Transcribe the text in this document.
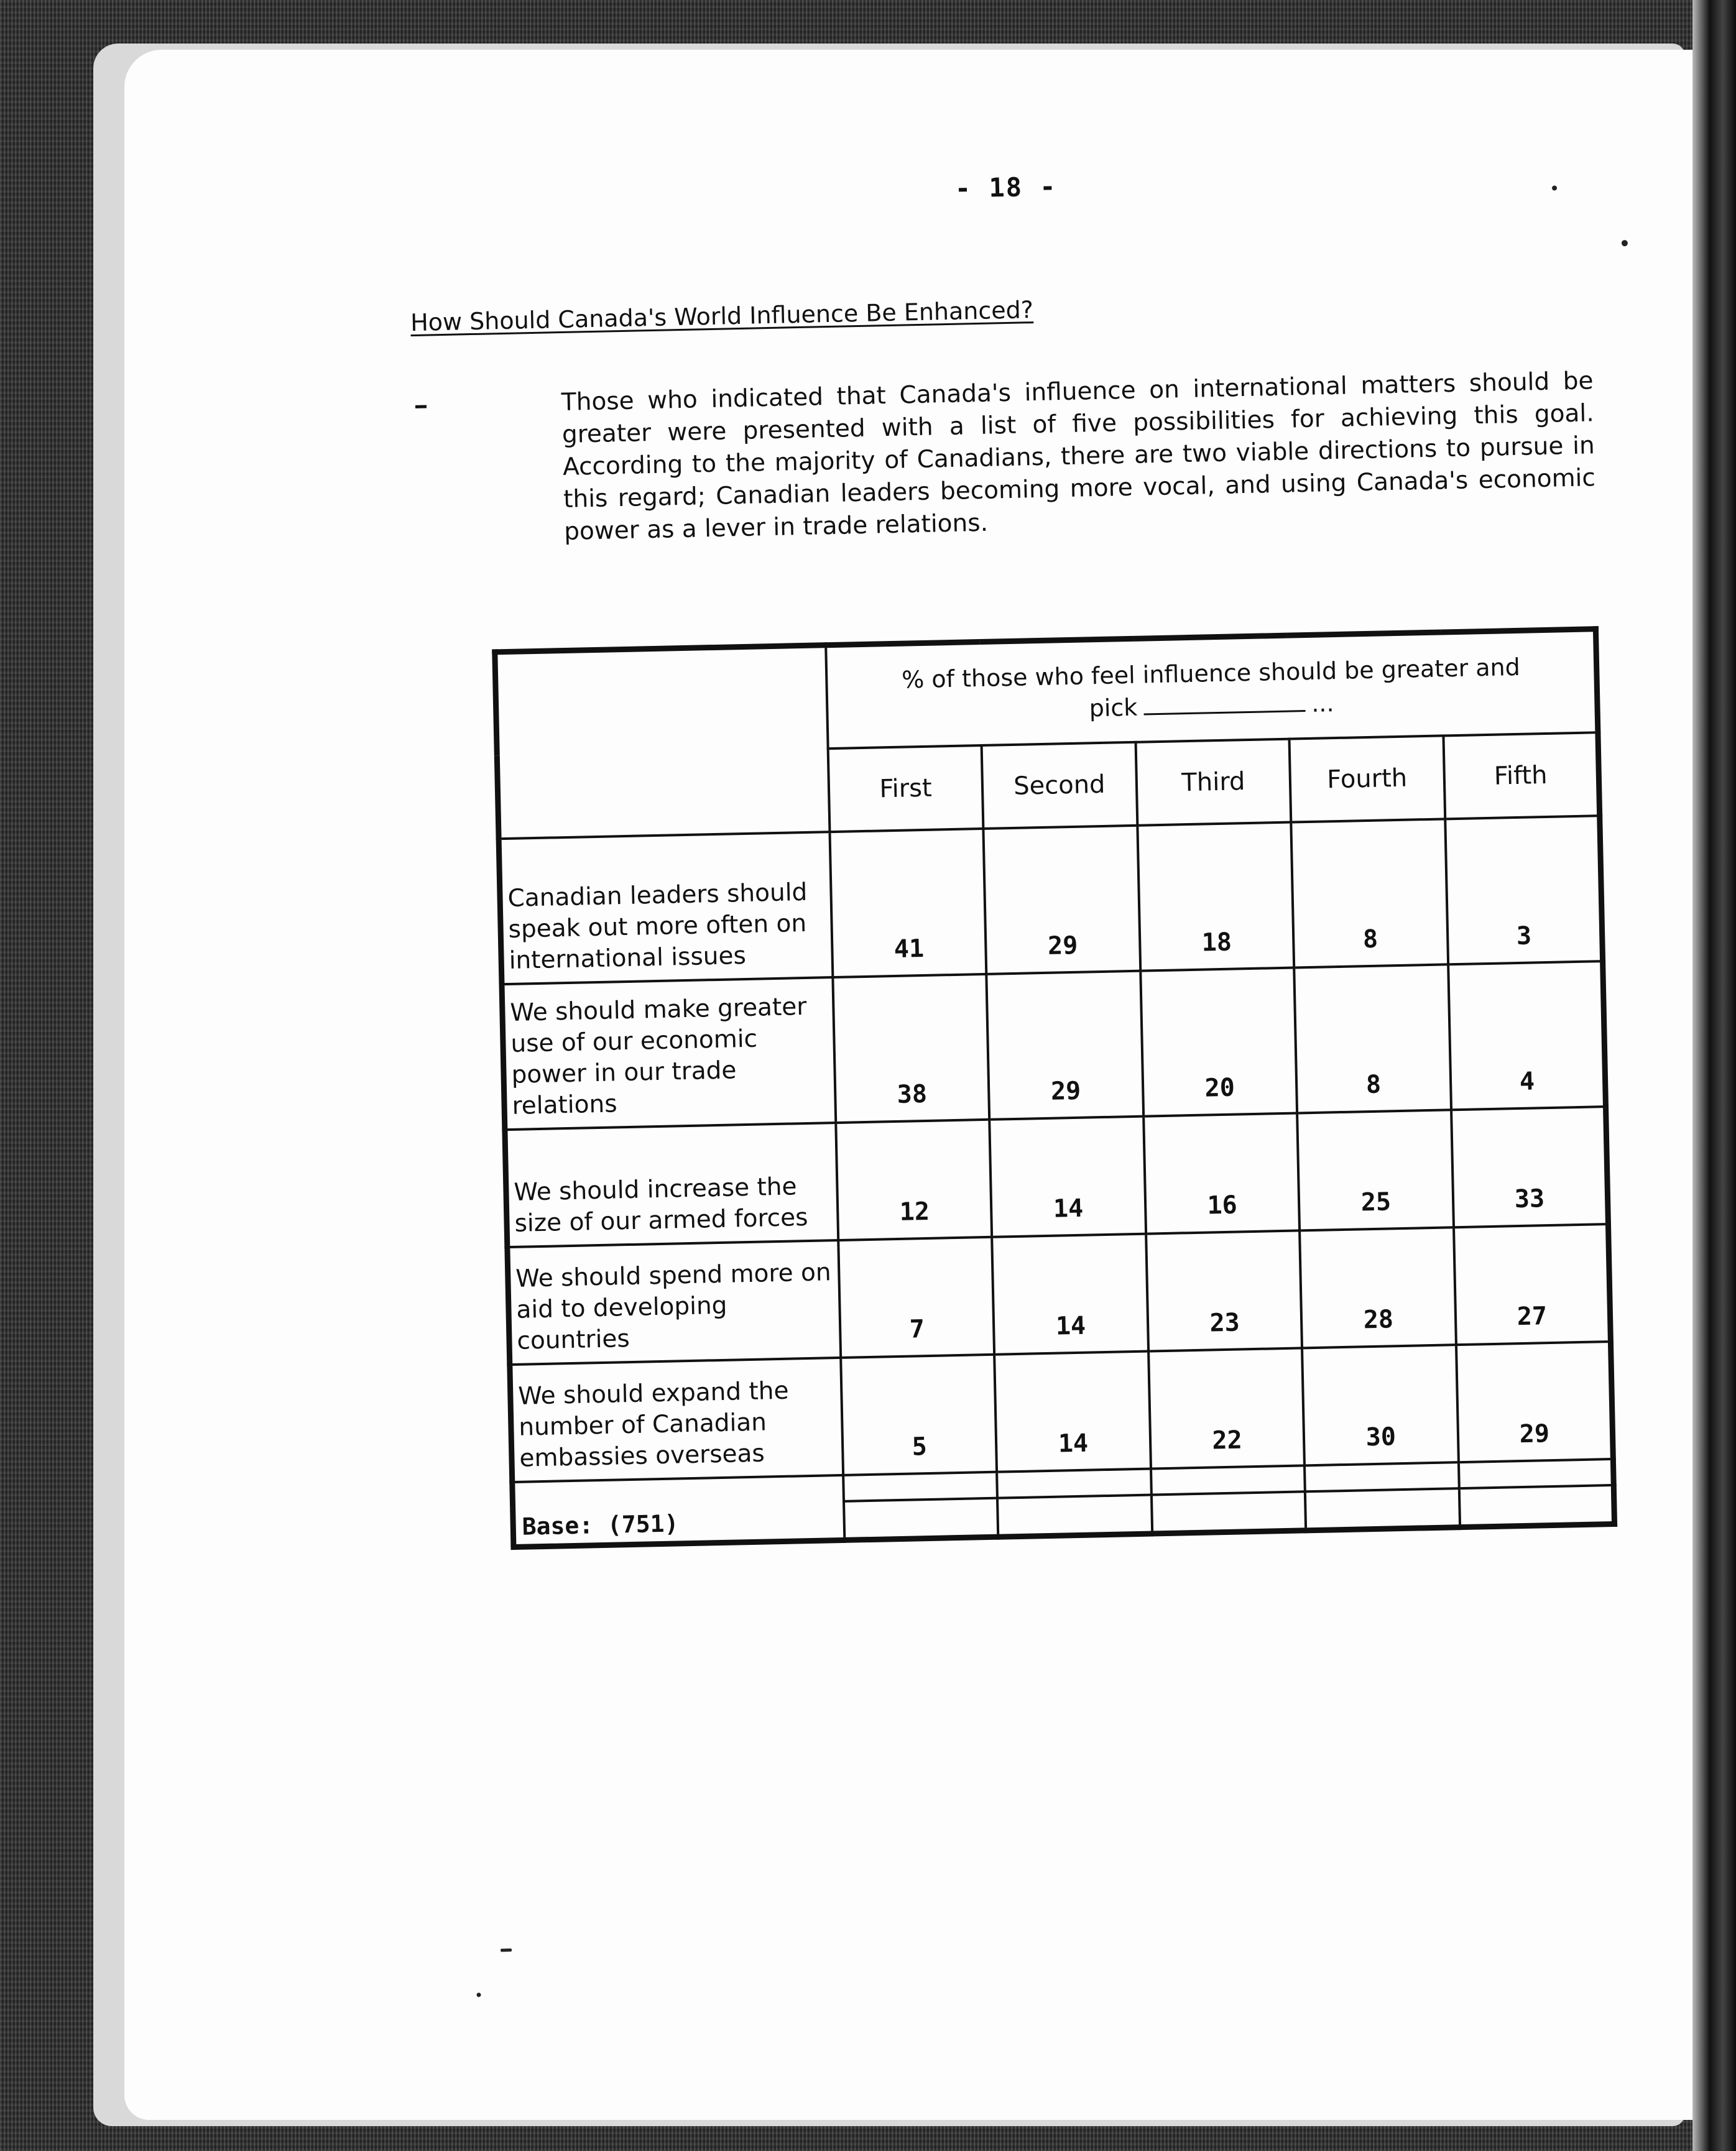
- 18 -
How Should Canada's World Influence Be Enhanced?
Those who indicated that Canada's influence on international matters should be greater were presented with a list of five possibilities for achieving this goal. According to the majority of Canadians, there are two viable directions to pursue in this regard; Canadian leaders becoming more vocal, and using Canada's economic power as a lever in trade relations.
	% of those who feel influence should be greater and
pick ...				
	First	Second	Third	Fourth	Fifth
Canadian leaders should speak out more often on international issues	41	29	18	8	3
We should make greater use of our economic power in our trade relations	38	29	20	8	4
We should increase the size of our armed forces	12	14	16	25	33
We should spend more on aid to developing countries	7	14	23	28	27
We should expand the number of Canadian embassies overseas	5	14	22	30	29
Base: (751)					
